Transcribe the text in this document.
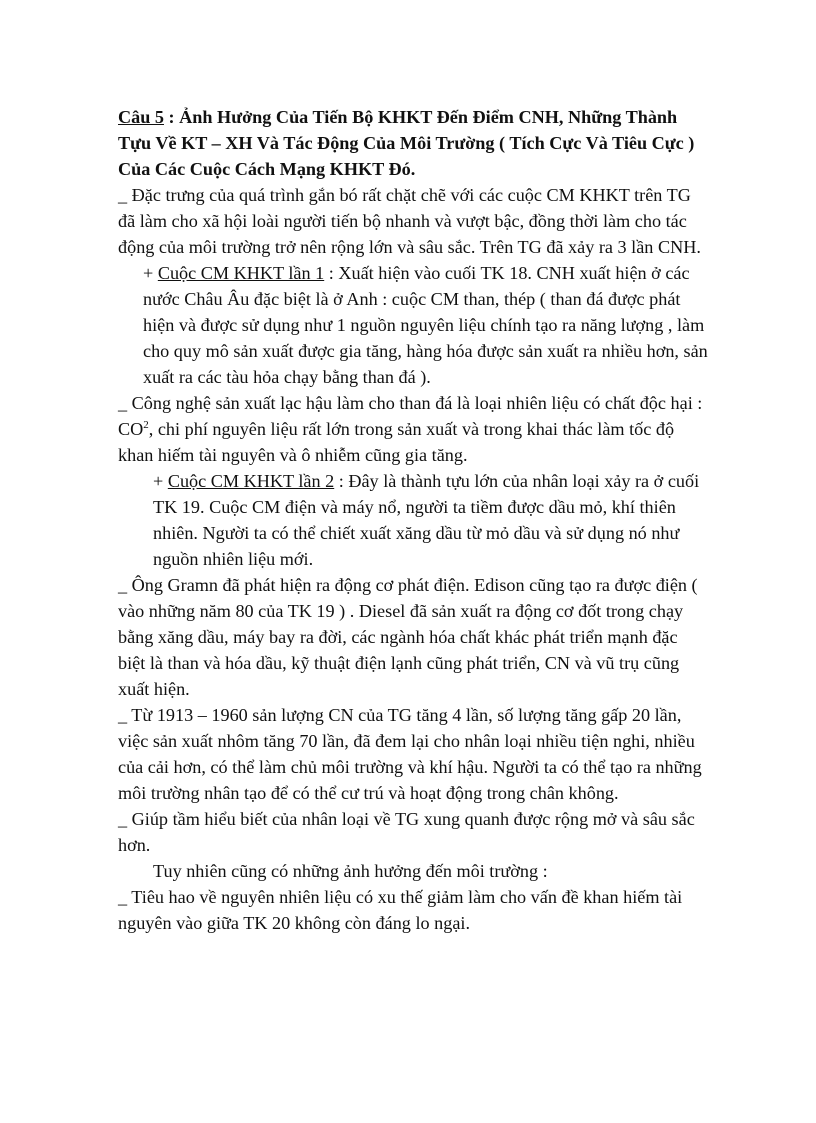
Câu 5 : Ảnh Hưởng Của Tiến Bộ KHKT Đến Điểm CNH, Những Thành Tựu Về KT – XH Và Tác Động Của Môi Trường ( Tích Cực Và Tiêu Cực ) Của Các Cuộc Cách Mạng KHKT Đó.

_ Đặc trưng của quá trình gắn bó rất chặt chẽ với các cuộc CM KHKT trên TG đã làm cho xã hội loài người tiến bộ nhanh và vượt bậc, đồng thời làm cho tác động của môi trường trở nên rộng lớn và sâu sắc. Trên TG đã xảy ra 3 lần CNH.

+ Cuộc CM KHKT lần 1 : Xuất hiện vào cuối TK 18. CNH xuất hiện ở các nước Châu Âu đặc biệt là ở Anh : cuộc CM than, thép ( than đá được phát hiện và được sử dụng như 1 nguồn nguyên liệu chính tạo ra năng lượng , làm cho quy mô sản xuất được gia tăng, hàng hóa được sản xuất ra nhiều hơn, sản xuất ra các tàu hỏa chạy bằng than đá ).

_ Công nghệ sản xuất lạc hậu làm cho than đá là loại nhiên liệu có chất độc hại : $CO^2$, chi phí nguyên liệu rất lớn trong sản xuất và trong khai thác làm tốc độ khan hiếm tài nguyên và ô nhiễm cũng gia tăng.

+ Cuộc CM KHKT lần 2 : Đây là thành tựu lớn của nhân loại xảy ra ở cuối TK 19. Cuộc CM điện và máy nổ, người ta tiềm được dầu mỏ, khí thiên nhiên. Người ta có thể chiết xuất xăng dầu từ mỏ dầu và sử dụng nó như nguồn nhiên liệu mới.

_ Ông Gramn đã phát hiện ra động cơ phát điện. Edison cũng tạo ra được điện ( vào những năm 80 của TK 19 ) . Diesel đã sản xuất ra động cơ đốt trong chạy bằng xăng dầu, máy bay ra đời, các ngành hóa chất khác phát triển mạnh đặc biệt là than và hóa dầu, kỹ thuật điện lạnh cũng phát triển, CN và vũ trụ cũng xuất hiện.

_ Từ 1913 – 1960 sản lượng CN của TG tăng 4 lần, số lượng tăng gấp 20 lần, việc sản xuất nhôm tăng 70 lần, đã đem lại cho nhân loại nhiều tiện nghi, nhiều của cải hơn, có thể làm chủ môi trường và khí hậu. Người ta có thể tạo ra những môi trường nhân tạo để có thể cư trú và hoạt động trong chân không.

_ Giúp tầm hiểu biết của nhân loại về TG xung quanh được rộng mở và sâu sắc hơn.

Tuy nhiên cũng có những ảnh hưởng đến môi trường :

_ Tiêu hao về nguyên nhiên liệu có xu thế giảm làm cho vấn đề khan hiếm tài nguyên vào giữa TK 20 không còn đáng lo ngại.
